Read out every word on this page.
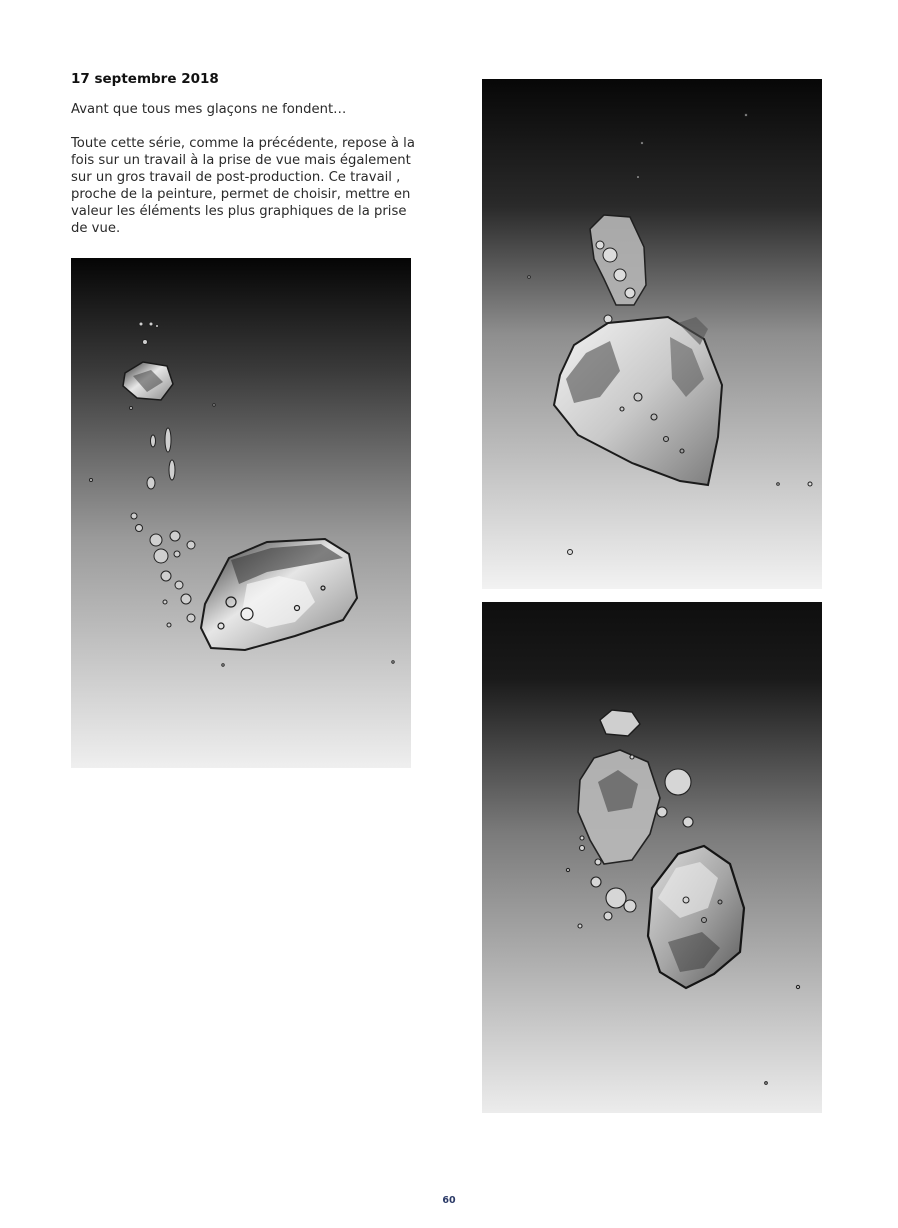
17 septembre 2018

Avant que tous mes glaçons ne fondent…

Toute cette série, comme la précédente, repose à la fois sur un travail à la prise de vue mais également sur un gros travail de post-production. Ce travail , proche de la peinture, permet de choisir, mettre en valeur les éléments les plus graphiques de la prise de vue.

60
